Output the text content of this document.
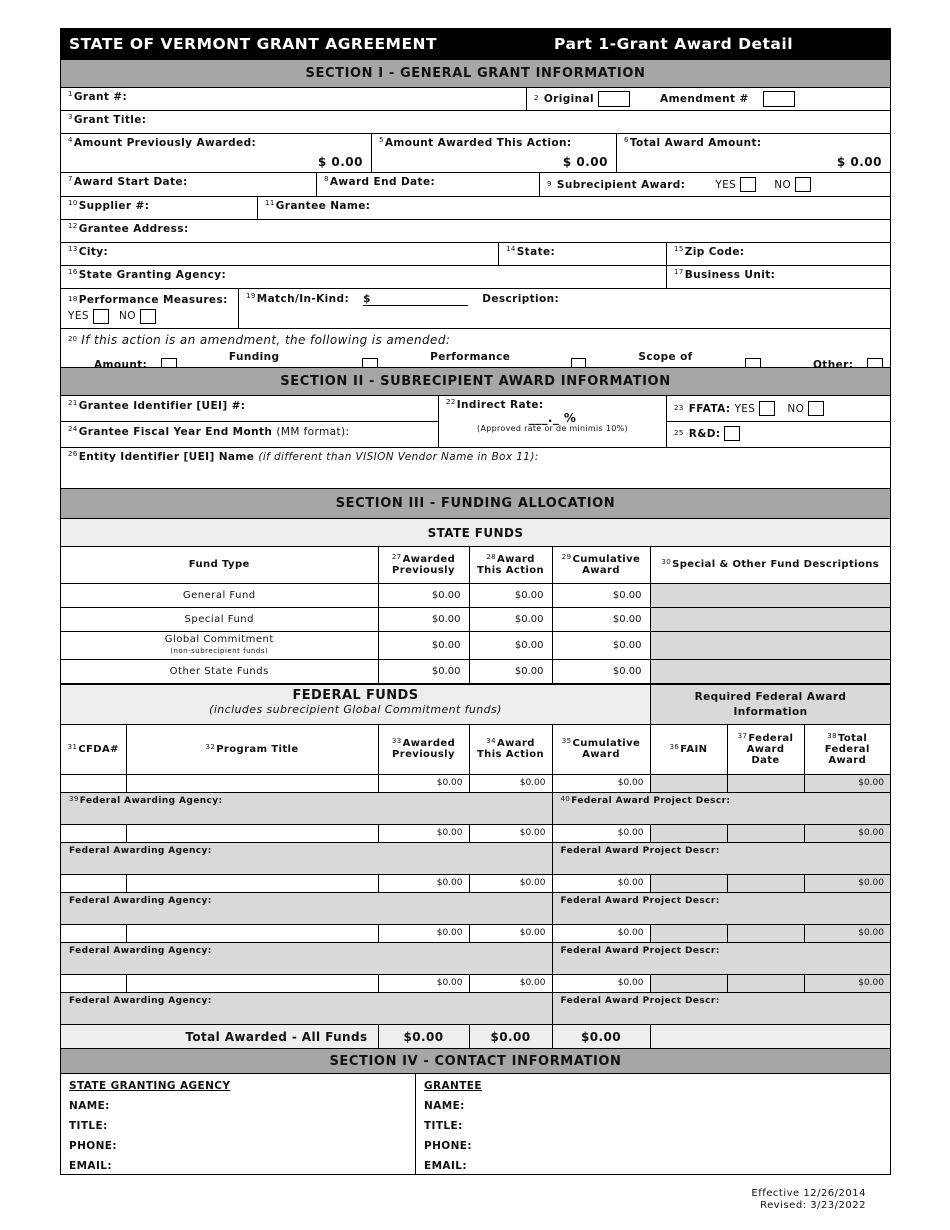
STATE OF VERMONT GRANT AGREEMENT	Part 1-Grant Award Detail
SECTION I - GENERAL GRANT INFORMATION
$^1$Grant #:	$^2$ Original	Amendment #
$^3$Grant Title:
$^4$Amount Previously Awarded:
$ 0.00
$^5$Amount Awarded This Action:
$ 0.00
$^6$Total Award Amount:
$ 0.00
$^7$Award Start Date:	$^8$Award End Date:	$^9$ Subrecipient Award:	YES	NO
$^{10}$Supplier #:	$^{11}$Grantee Name:
$^{12}$Grantee Address:
$^{13}$City:	$^{14}$State:	$^{15}$Zip Code:
$^{16}$State Granting Agency:	$^{17}$Business Unit:
$^{18}$Performance Measures:
YES	NO
$^{19}$Match/In-Kind: $	Description:
$^{20}$ If this action is an amendment, the following is amended:
Amount:
Funding	Performance	Scope of
Other:
SECTION II - SUBRECIPIENT AWARD INFORMATION
$^{21}$Grantee Identifier [UEI] #:
$^{24}$Grantee Fiscal Year End Month (MM format):
$^{22}$Indirect Rate:
___._ %
(Approved rate or de minimis 10%)
$^{23}$ FFATA: YES	NO
$^{25}$ R&D:
$^{26}$Entity Identifier [UEI] Name (if different than VISION Vendor Name in Box 11):
SECTION III - FUNDING ALLOCATION
STATE FUNDS
Fund Type	$^{27}$Awarded Previously	$^{28}$Award This Action	$^{29}$Cumulative Award	$^{30}$Special & Other Fund Descriptions
General Fund	$0.00	$0.00	$0.00	
Special Fund	$0.00	$0.00	$0.00	
Global Commitment
(non-subrecipient funds)	$0.00	$0.00	$0.00	
Other State Funds	$0.00	$0.00	$0.00	
FEDERAL FUNDS
(includes subrecipient Global Commitment funds)
Required Federal Award Information
$^{31}$CFDA#	$^{32}$Program Title	$^{33}$Awarded Previously	$^{34}$Award This Action	$^{35}$Cumulative Award	$^{36}$FAIN	$^{37}$Federal Award Date	$^{38}$Total Federal Award
		$0.00	$0.00	$0.00			$0.00
$^{39}$Federal Awarding Agency:				$^{40}$Federal Award Project Descr:			
		$0.00	$0.00	$0.00			$0.00
Federal Awarding Agency:				Federal Award Project Descr:			
		$0.00	$0.00	$0.00			$0.00
Federal Awarding Agency:				Federal Award Project Descr:			
		$0.00	$0.00	$0.00			$0.00
Federal Awarding Agency:				Federal Award Project Descr:			
		$0.00	$0.00	$0.00			$0.00
Federal Awarding Agency:				Federal Award Project Descr:			
Total Awarded - All Funds	$0.00	$0.00	$0.00	
SECTION IV - CONTACT INFORMATION
STATE GRANTING AGENCY
NAME:
TITLE:
PHONE:
EMAIL:
GRANTEE
NAME:
TITLE:
PHONE:
EMAIL:
Effective 12/26/2014
Revised: 3/23/2022
